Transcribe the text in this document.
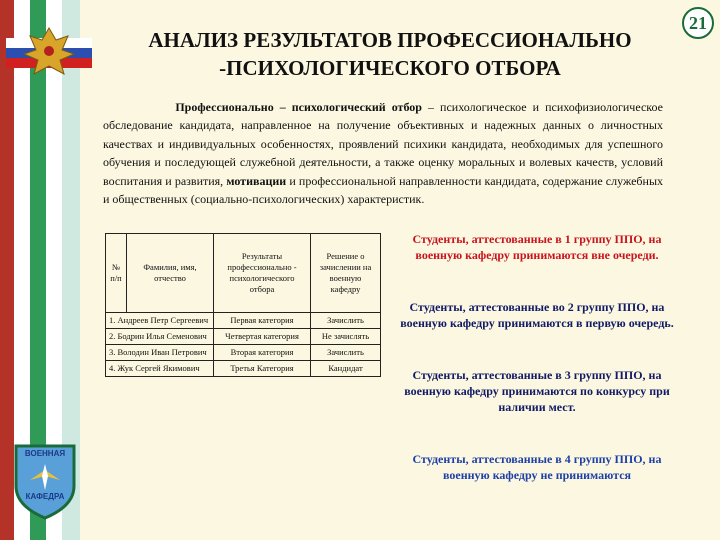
АНАЛИЗ РЕЗУЛЬТАТОВ ПРОФЕССИОНАЛЬНО
-ПСИХОЛОГИЧЕСКОГО ОТБОРА
21
Профессионально – психологический отбор – психологическое и психофизиологическое обследование кандидата, направленное на получение объективных и надежных данных о личностных качествах и индивидуальных особенностях, проявлений психики кандидата, необходимых для успешного обучения и последующей служебной деятельности, а также оценку моральных и волевых качеств, условий воспитания и развития, мотивации и профессиональной направленности кандидата, содержание служебных и общественных (социально-психологических) характеристик.
№ п/п	Фамилия, имя, отчество	Результаты профессионально - психологического отбора	Решение о зачислении на военную кафедру
1. Андреев Петр Сергеевич		Первая категория	Зачислить
2. Бодрин Илья Семенович		Четвертая категория	Не зачислять
3. Володин Иван Петрович		Вторая категория	Зачислить
4. Жук Сергей Якимович		Третья Категория	Кандидат
Студенты, аттестованные в 1 группу ППО, на военную кафедру принимаются вне очереди.
Студенты, аттестованные во 2 группу ППО, на военную кафедру принимаются в первую очередь.
Студенты, аттестованные в 3 группу ППО, на военную кафедру принимаются по конкурсу при наличии мест.
Студенты, аттестованные в 4 группу ППО, на военную кафедру не принимаются
ВОЕННАЯ
КАФЕДРА
